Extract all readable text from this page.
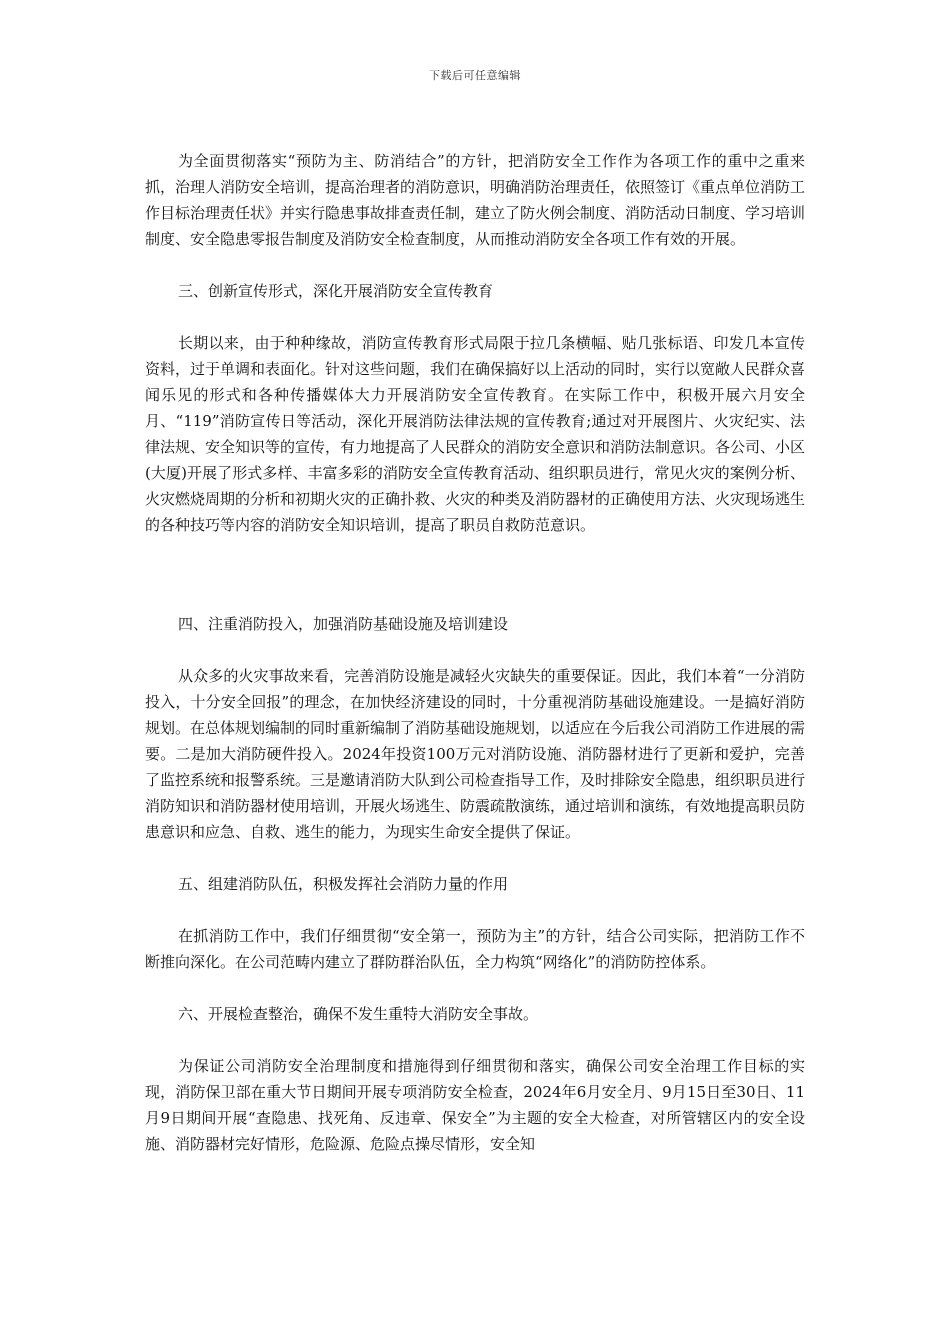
下载后可任意编辑

为全面贯彻落实“预防为主、防消结合”的方针，把消防安全工作作为各项工作的重中之重来抓，治理人消防安全培训，提高治理者的消防意识，明确消防治理责任，依照签订《重点单位消防工作目标治理责任状》并实行隐患事故排查责任制，建立了防火例会制度、消防活动日制度、学习培训制度、安全隐患零报告制度及消防安全检查制度，从而推动消防安全各项工作有效的开展。

三、创新宣传形式，深化开展消防安全宣传教育

长期以来，由于种种缘故，消防宣传教育形式局限于拉几条横幅、贴几张标语、印发几本宣传资料，过于单调和表面化。针对这些问题，我们在确保搞好以上活动的同时，实行以宽敞人民群众喜闻乐见的形式和各种传播媒体大力开展消防安全宣传教育。在实际工作中，积极开展六月安全月、“119”消防宣传日等活动，深化开展消防法律法规的宣传教育;通过对开展图片、火灾纪实、法律法规、安全知识等的宣传，有力地提高了人民群众的消防安全意识和消防法制意识。各公司、小区(大厦)开展了形式多样、丰富多彩的消防安全宣传教育活动、组织职员进行，常见火灾的案例分析、火灾燃烧周期的分析和初期火灾的正确扑救、火灾的种类及消防器材的正确使用方法、火灾现场逃生的各种技巧等内容的消防安全知识培训，提高了职员自救防范意识。

四、注重消防投入，加强消防基础设施及培训建设

从众多的火灾事故来看，完善消防设施是减轻火灾缺失的重要保证。因此，我们本着“一分消防投入，十分安全回报”的理念，在加快经济建设的同时，十分重视消防基础设施建设。一是搞好消防规划。在总体规划编制的同时重新编制了消防基础设施规划，以适应在今后我公司消防工作进展的需要。二是加大消防硬件投入。2024年投资100万元对消防设施、消防器材进行了更新和爱护，完善了监控系统和报警系统。三是邀请消防大队到公司检查指导工作，及时排除安全隐患，组织职员进行消防知识和消防器材使用培训，开展火场逃生、防震疏散演练，通过培训和演练，有效地提高职员防患意识和应急、自救、逃生的能力，为现实生命安全提供了保证。

五、组建消防队伍，积极发挥社会消防力量的作用

在抓消防工作中，我们仔细贯彻“安全第一，预防为主”的方针，结合公司实际，把消防工作不断推向深化。在公司范畴内建立了群防群治队伍，全力构筑“网络化”的消防防控体系。

六、开展检查整治，确保不发生重特大消防安全事故。

为保证公司消防安全治理制度和措施得到仔细贯彻和落实，确保公司安全治理工作目标的实现，消防保卫部在重大节日期间开展专项消防安全检查，2024年6月安全月、9月15日至30日、11月9日期间开展“查隐患、找死角、反违章、保安全”为主题的安全大检查，对所管辖区内的安全设施、消防器材完好情形，危险源、危险点操尽情形，安全知
